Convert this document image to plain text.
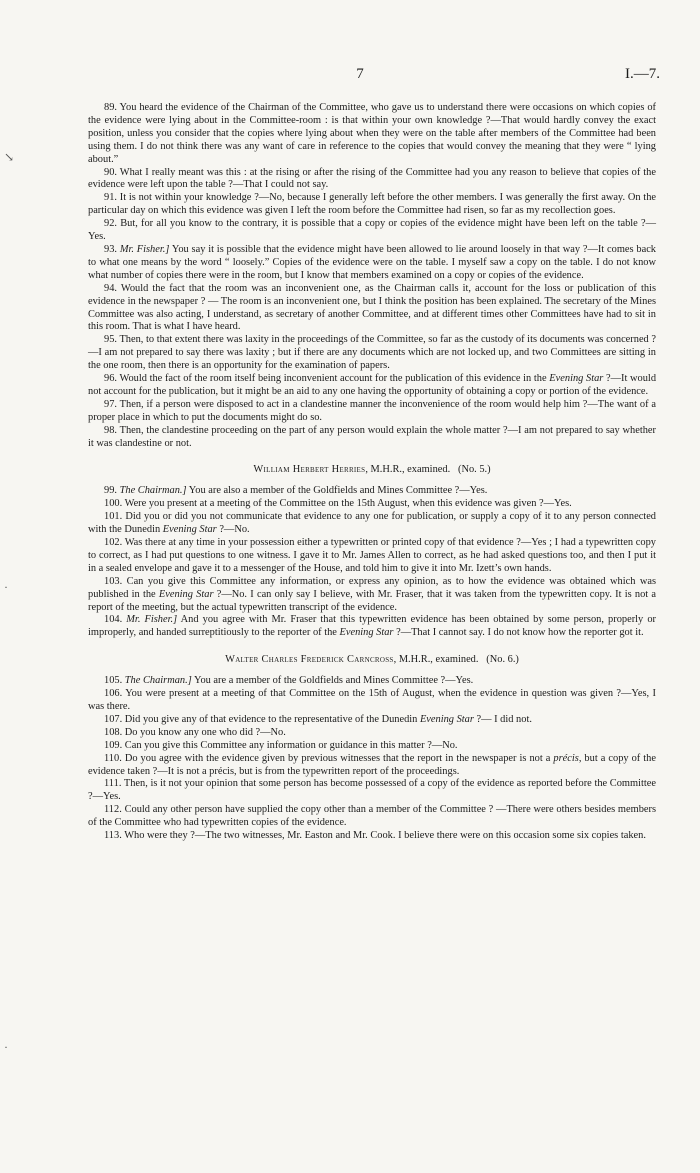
7	I.—7.
↘
·
·

89. You heard the evidence of the Chairman of the Committee, who gave us to understand there were occasions on which copies of the evidence were lying about in the Committee-room : is that within your own knowledge ?—That would hardly convey the exact position, unless you consider that the copies where lying about when they were on the table after members of the Committee had been using them. I do not think there was any want of care in reference to the copies that would convey the meaning that they were “ lying about.”

90. What I really meant was this : at the rising or after the rising of the Committee had you any reason to believe that copies of the evidence were left upon the table ?—That I could not say.

91. It is not within your knowledge ?—No, because I generally left before the other members. I was generally the first away. On the particular day on which this evidence was given I left the room before the Committee had risen, so far as my recollection goes.

92. But, for all you know to the contrary, it is possible that a copy or copies of the evidence might have been left on the table ?—Yes.

93. Mr. Fisher.] You say it is possible that the evidence might have been allowed to lie around loosely in that way ?—It comes back to what one means by the word “ loosely.” Copies of the evidence were on the table. I myself saw a copy on the table. I do not know what number of copies there were in the room, but I know that members examined on a copy or copies of the evidence.

94. Would the fact that the room was an inconvenient one, as the Chairman calls it, account for the loss or publication of this evidence in the newspaper ? — The room is an inconvenient one, but I think the position has been explained. The secretary of the Mines Committee was also acting, I understand, as secretary of another Committee, and at different times other Committees have had to sit in this room. That is what I have heard.

95. Then, to that extent there was laxity in the proceedings of the Committee, so far as the custody of its documents was concerned ?—I am not prepared to say there was laxity ; but if there are any documents which are not locked up, and two Committees are sitting in the one room, then there is an opportunity for the examination of papers.

96. Would the fact of the room itself being inconvenient account for the publication of this evidence in the Evening Star ?—It would not account for the publication, but it might be an aid to any one having the opportunity of obtaining a copy or portion of the evidence.

97. Then, if a person were disposed to act in a clandestine manner the inconvenience of the room would help him ?—The want of a proper place in which to put the documents might do so.

98. Then, the clandestine proceeding on the part of any person would explain the whole matter ?—I am not prepared to say whether it was clandestine or not.

William Herbert Herries, M.H.R., examined. (No. 5.)

99. The Chairman.] You are also a member of the Goldfields and Mines Committee ?—Yes.

100. Were you present at a meeting of the Committee on the 15th August, when this evidence was given ?—Yes.

101. Did you or did you not communicate that evidence to any one for publication, or supply a copy of it to any person connected with the Dunedin Evening Star ?—No.

102. Was there at any time in your possession either a typewritten or printed copy of that evidence ?—Yes ; I had a typewritten copy to correct, as I had put questions to one witness. I gave it to Mr. James Allen to correct, as he had asked questions too, and then I put it in a sealed envelope and gave it to a messenger of the House, and told him to give it into Mr. Izett’s own hands.

103. Can you give this Committee any information, or express any opinion, as to how the evidence was obtained which was published in the Evening Star ?—No. I can only say I believe, with Mr. Fraser, that it was taken from the typewritten copy. It is not a report of the meeting, but the actual typewritten transcript of the evidence.

104. Mr. Fisher.] And you agree with Mr. Fraser that this typewritten evidence has been obtained by some person, properly or improperly, and handed surreptitiously to the reporter of the Evening Star ?—That I cannot say. I do not know how the reporter got it.

Walter Charles Frederick Carncross, M.H.R., examined. (No. 6.)

105. The Chairman.] You are a member of the Goldfields and Mines Committee ?—Yes.

106. You were present at a meeting of that Committee on the 15th of August, when the evidence in question was given ?—Yes, I was there.

107. Did you give any of that evidence to the representative of the Dunedin Evening Star ?— I did not.

108. Do you know any one who did ?—No.

109. Can you give this Committee any information or guidance in this matter ?—No.

110. Do you agree with the evidence given by previous witnesses that the report in the newspaper is not a précis, but a copy of the evidence taken ?—It is not a précis, but is from the typewritten report of the proceedings.

111. Then, is it not your opinion that some person has become possessed of a copy of the evidence as reported before the Committee ?—Yes.

112. Could any other person have supplied the copy other than a member of the Committee ? —There were others besides members of the Committee who had typewritten copies of the evidence.

113. Who were they ?—The two witnesses, Mr. Easton and Mr. Cook. I believe there were on this occasion some six copies taken.
